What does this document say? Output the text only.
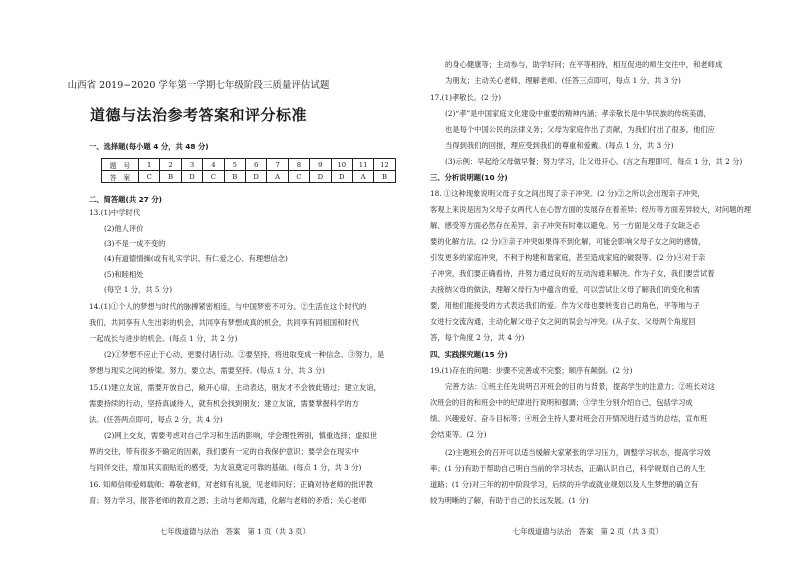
山西省 2019−2020 学年第一学期七年级阶段三质量评估试题
道德与法治参考答案和评分标准
一、选择题(每小题 4 分，共 48 分)
题　号	1	2	3	4	5	6	7	8	9	10	11	12
答　案	C	B	D	C	B	D	A	C	D	D	A	B
二、简答题(共 27 分)
13.(1)中学时代
(2)他人评价
(3)不是一成不变的
(4)有道德情操(或有礼实学识、有仁爱之心、有理想信念)
(5)和睦相处
(每空 1 分，共 5 分)
14.(1)①个人的梦想与时代的脉搏紧密相连，与中国梦密不可分。②生活在这个时代的
我们，共同享有人生出彩的机会，共同享有梦想成真的机会，共同享有同祖国和时代
一起成长与进步的机会。(每点 1 分，共 2 分)
(2)①梦想不应止于心动，更要付诸行动。②要坚持，将进取变成一种信念。③努力，是
梦想与现实之间的桥梁。努力，要立志，需要坚持。(每点 1 分，共 3 分)
15.(1)建立友谊，需要开放自己，敞开心扉，主动表达，朋友才不会彼此错过；建立友谊，
需要持续的行动，坚持真诚待人，就有机会找到朋友；建立友谊，需要掌握科学的方
法。(任答两点即可，每点 2 分，共 4 分)
(2)网上交友，需要考虑对自己学习和生活的影响，学会理性辨别，慎重选择；虚拟世
界的交往，带有很多不确定的因素，我们要有一定的自我保护意识；要学会在现实中
与同伴交往，增加其实面贴近的感受，为友谊奠定可靠的基础。(每点 1 分，共 3 分)
16. 知师信师爱师载师；尊敬老师，对老师有礼貌，见老师问好；正确对待老师的批评教
育；努力学习，报答老师的教育之恩；主动与老师沟通，化解与老师的矛盾；关心老师
七年级道德与法治　答案　第 1 页（共 3 页）
的身心健康等；主动参与，助学好问；在平等相待，相互促进的师生交往中，和老师成
为朋友；主动关心老师，理解老师。(任答三点即可，每点 1 分，共 3 分)
17.(1)孝敬长。(2 分)
(2)“孝”是中国家庭文化建设中重要的精神内涵；孝亲敬长是中华民族的传统美德，
也是每个中国公民的法律义务；父母为家庭作出了贡献，为我们付出了很多，他们应
当得到我们的回报，理应受到我们的尊重和爱戴。(每点 1 分，共 3 分)
(3)示例：早起给父母做早餐；努力学习，让父母开心。(言之有理即可，每点 1 分，共 2 分)
三、分析说明题(10 分)
18. ①这种现象说明父母子女之间出现了亲子冲突。(2 分)②之所以会出现亲子冲突，
客观上来说是因为父母子女两代人在心智方面的发展存在着差异；经历等方面差异较大，对问题的理
解、感受等方面必然存在差异，亲子冲突有时难以避免。另一方面是父母子女缺乏必
要的化解方法。(2 分)③亲子冲突如果得不到化解，可能会影响父母子女之间的感情，
引发更多的家庭冲突，不利于构建和谐家庭，甚至造成家庭的破裂等。(2 分)④对于亲
子冲突，我们要正确看待，并努力通过良好的互动沟通来解决。作为子女，我们要尝试着
去接纳父母的做法，理解父母行为中蕴含的爱，可以尝试让父母了解我们的变化和需
要，用他们能接受的方式表达我们的爱。作为父母也要转变自己的角色，平等地与子
女进行交流沟通，主动化解父母子女之间的误会与冲突。(从子女、父母两个角度回
答，每个角度 2 分，共 4 分)
四、实践探究题(15 分)
19.(1)存在的问题：步骤不完善或不完整；顺序有颠倒。(2 分)
完善方法：①班主任先说明召开班会的目的与背景，提高学生的注意力；②班长对这
次班会的目的和班会中的纪律进行说明和强调；③学生分别介绍自己，包括学习成
绩、兴趣爱好、奋斗目标等；④班会主持人要对班会召开情况进行适当的总结，宣布班
会结束等。(2 分)
(2)主题班会的召开可以适当缓解大家紧张的学习压力，调整学习状态，提高学习效
率；(1 分)有助于帮助自己明白当前的学习状态，正确认识自己，科学规划自己的人生
道路；(1 分)对三年的初中阶段学习，后续的升学或就业规划以及人生梦想的确立有
较为明晰的了解，有助于自己的长远发展。(1 分)
七年级道德与法治　答案　第 2 页（共 3 页）
